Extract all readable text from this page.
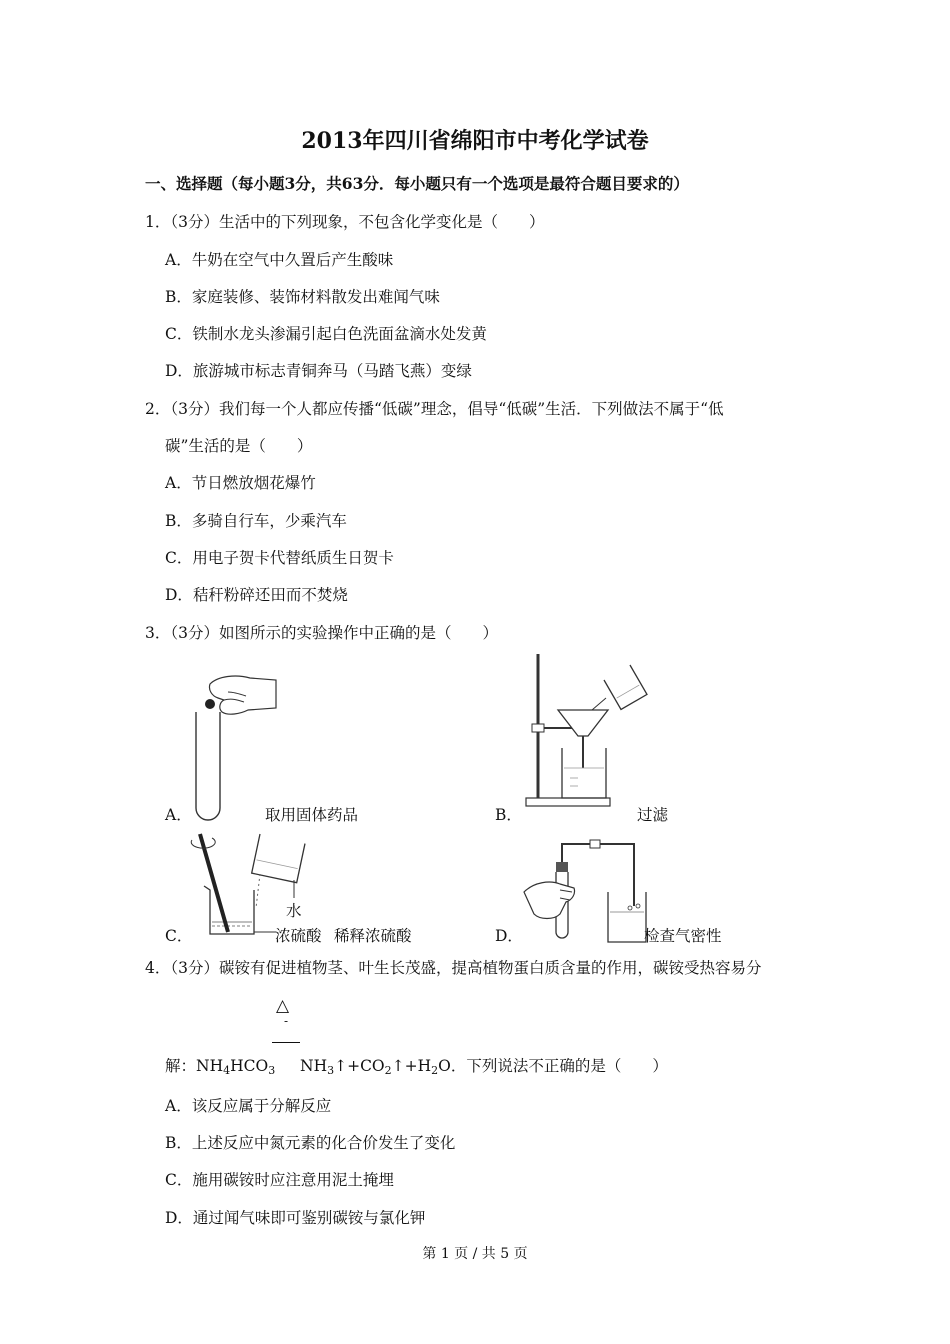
2013年四川省绵阳市中考化学试卷
一、选择题（每小题3分，共63分．每小题只有一个选项是最符合题目要求的）
1．（3分）生活中的下列现象，不包含化学变化是（　　）
A．牛奶在空气中久置后产生酸味
B．家庭装修、装饰材料散发出难闻气味
C．铁制水龙头渗漏引起白色洗面盆滴水处发黄
D．旅游城市标志青铜奔马（马踏飞燕）变绿
2．（3分）我们每一个人都应传播“低碳”理念，倡导“低碳”生活．下列做法不属于“低
碳”生活的是（　　）
A．节日燃放烟花爆竹
B．多骑自行车，少乘汽车
C．用电子贺卡代替纸质生日贺卡
D．秸秆粉碎还田而不焚烧
3．（3分）如图所示的实验操作中正确的是（　　）
A．	取用固体药品	B．	过滤
水
C．	浓硫酸 稀释浓硫酸	D．	检查气密性
4．（3分）碳铵有促进植物茎、叶生长茂盛，提高植物蛋白质含量的作用，碳铵受热容易分
△
-
解：$NH_4HCO_3$ $NH_3↑+CO_2↑+H_2O$．下列说法不正确的是（　　）
A．该反应属于分解反应
B．上述反应中氮元素的化合价发生了变化
C．施用碳铵时应注意用泥土掩埋
D．通过闻气味即可鉴别碳铵与氯化钾
第 1 页 / 共 5 页
